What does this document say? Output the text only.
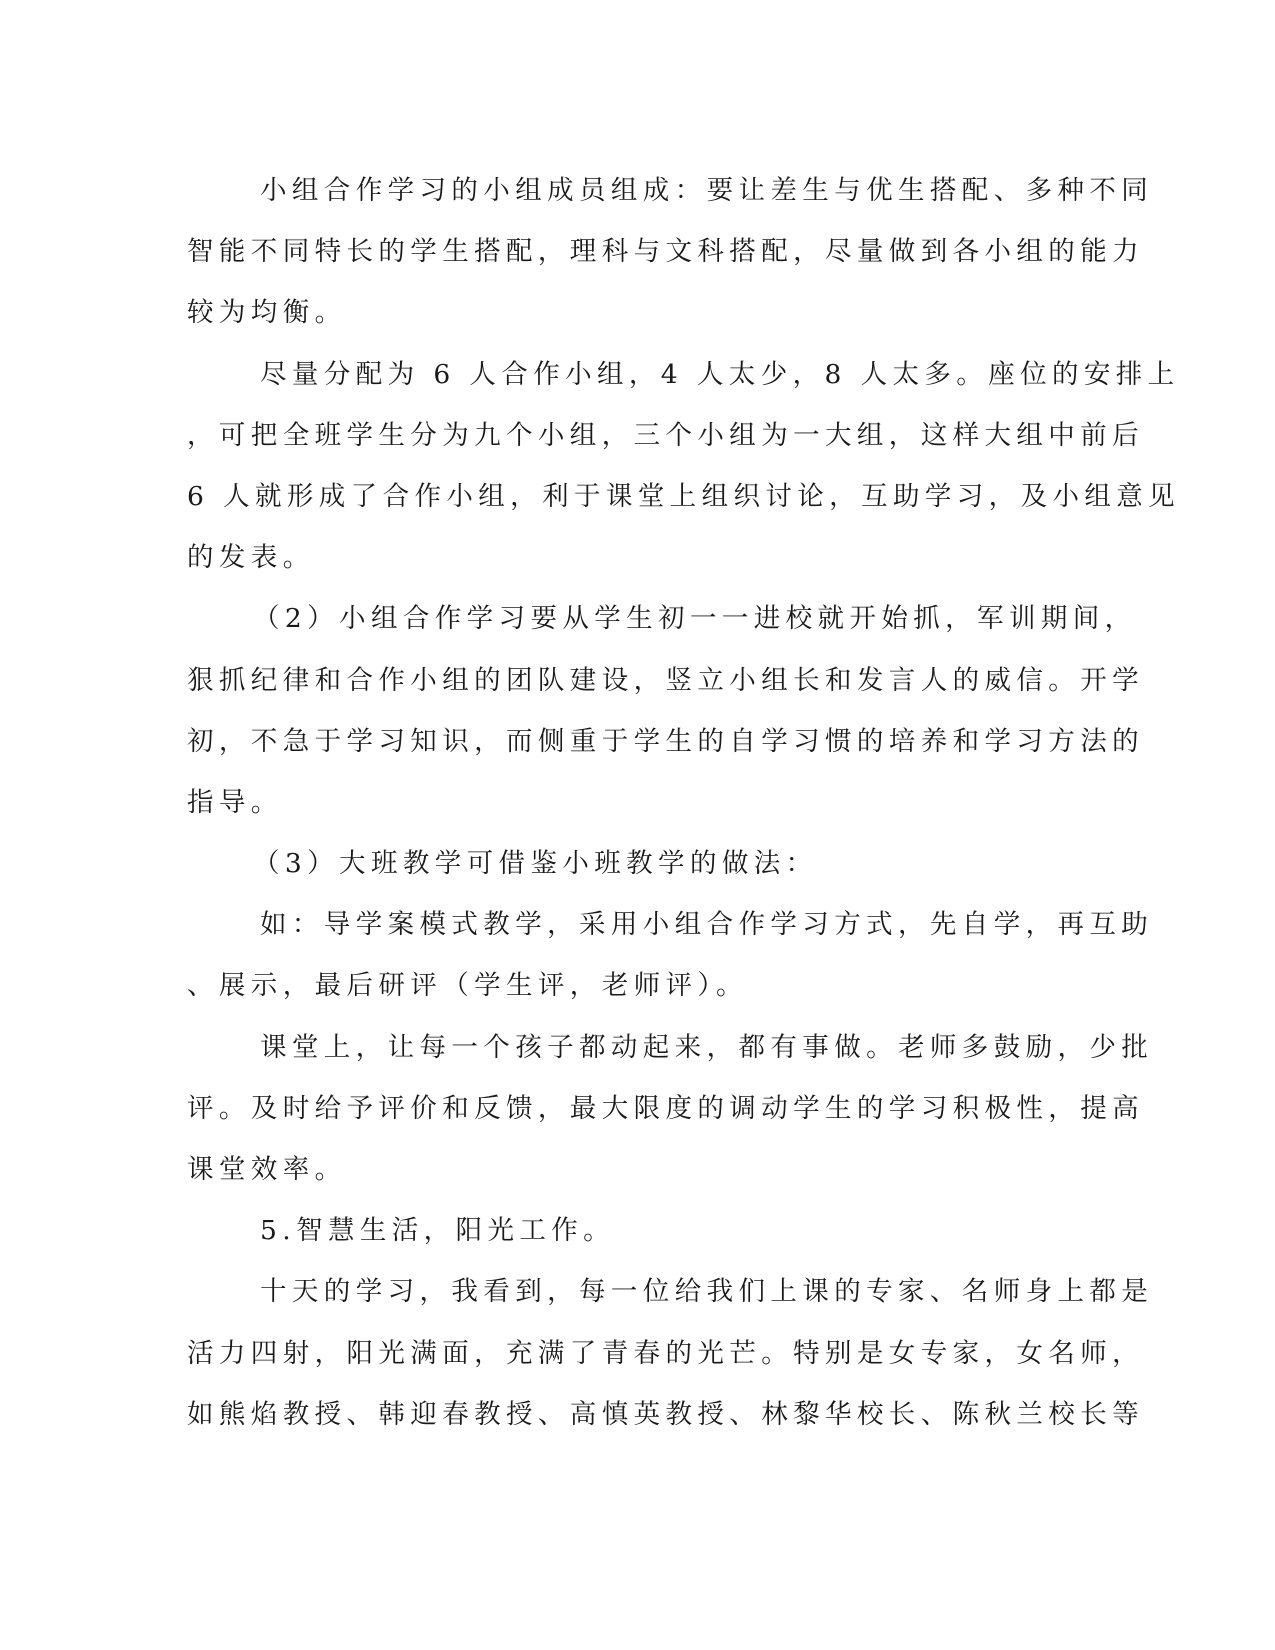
小组合作学习的小组成员组成：要让差生与优生搭配、多种不同
智能不同特长的学生搭配，理科与文科搭配，尽量做到各小组的能力
较为均衡。
尽量分配为 6 人合作小组，4 人太少，8 人太多。座位的安排上
，可把全班学生分为九个小组，三个小组为一大组，这样大组中前后
6 人就形成了合作小组，利于课堂上组织讨论，互助学习，及小组意见
的发表。
（2）小组合作学习要从学生初一一进校就开始抓，军训期间，
狠抓纪律和合作小组的团队建设，竖立小组长和发言人的威信。开学
初，不急于学习知识，而侧重于学生的自学习惯的培养和学习方法的
指导。
（3）大班教学可借鉴小班教学的做法：
如：导学案模式教学，采用小组合作学习方式，先自学，再互助
、展示，最后研评（学生评，老师评）。
课堂上，让每一个孩子都动起来，都有事做。老师多鼓励，少批
评。及时给予评价和反馈，最大限度的调动学生的学习积极性，提高
课堂效率。
5.智慧生活，阳光工作。
十天的学习，我看到，每一位给我们上课的专家、名师身上都是
活力四射，阳光满面，充满了青春的光芒。特别是女专家，女名师，
如熊焰教授、韩迎春教授、高慎英教授、林黎华校长、陈秋兰校长等
